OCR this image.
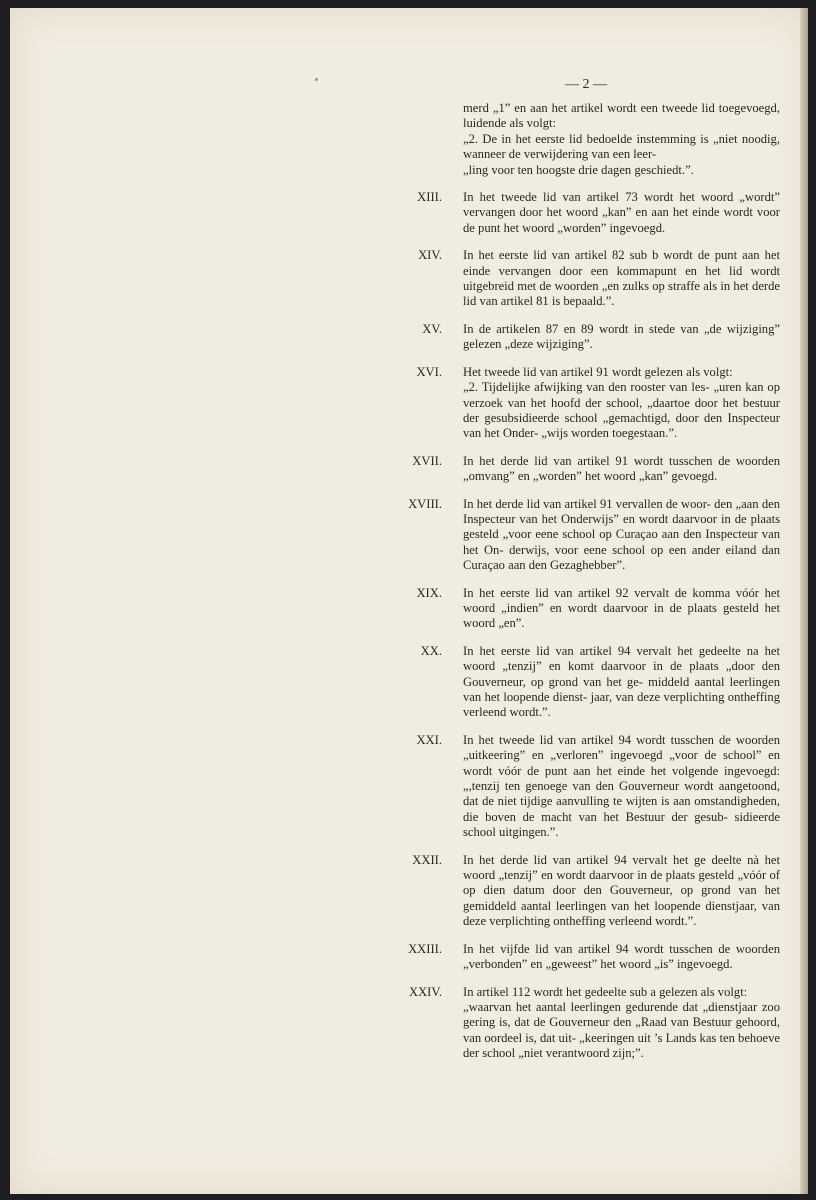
— 2 —

merd „1” en aan het artikel wordt een tweede lid toegevoegd, luidende als volgt:

„2. De in het eerste lid bedoelde instemming is „niet noodig, wanneer de verwijdering van een leer-

„ling voor ten hoogste drie dagen geschiedt.”.

XIII. In het tweede lid van artikel 73 wordt het woord „wordt” vervangen door het woord „kan” en aan het einde wordt voor de punt het woord „worden” ingevoegd.

XIV. In het eerste lid van artikel 82 sub b wordt de punt aan het einde vervangen door een kommapunt en het lid wordt uitgebreid met de woorden „en zulks op straffe als in het derde lid van artikel 81 is bepaald.”.

XV. In de artikelen 87 en 89 wordt in stede van „de wijziging” gelezen „deze wijziging”.

XVI. Het tweede lid van artikel 91 wordt gelezen als volgt:

„2. Tijdelijke afwijking van den rooster van les- „uren kan op verzoek van het hoofd der school, „daartoe door het bestuur der gesubsidieerde school „gemachtigd, door den Inspecteur van het Onder- „wijs worden toegestaan.”.

XVII. In het derde lid van artikel 91 wordt tusschen de woorden „omvang” en „worden” het woord „kan” gevoegd.

XVIII. In het derde lid van artikel 91 vervallen de woor- den „aan den Inspecteur van het Onderwijs” en wordt daarvoor in de plaats gesteld „voor eene school op Curaçao aan den Inspecteur van het On- derwijs, voor eene school op een ander eiland dan Curaçao aan den Gezaghebber”.

XIX. In het eerste lid van artikel 92 vervalt de komma vóór het woord „indien” en wordt daarvoor in de plaats gesteld het woord „en”.

XX. In het eerste lid van artikel 94 vervalt het gedeelte na het woord „tenzij” en komt daarvoor in de plaats „door den Gouverneur, op grond van het ge- middeld aantal leerlingen van het loopende dienst- jaar, van deze verplichting ontheffing verleend wordt.”.

XXI. In het tweede lid van artikel 94 wordt tusschen de woorden „uitkeering” en „verloren” ingevoegd „voor de school” en wordt vóór de punt aan het einde het volgende ingevoegd: „,tenzij ten genoege van den Gouverneur wordt aangetoond, dat de niet tijdige aanvulling te wijten is aan omstandigheden, die boven de macht van het Bestuur der gesub- sidieerde school uitgingen.”.

XXII. In het derde lid van artikel 94 vervalt het ge deelte nà het woord „tenzij” en wordt daarvoor in de plaats gesteld „vóór of op dien datum door den Gouverneur, op grond van het gemiddeld aantal leerlingen van het loopende dienstjaar, van deze verplichting ontheffing verleend wordt.”.

XXIII. In het vijfde lid van artikel 94 wordt tusschen de woorden „verbonden” en „geweest” het woord „is” ingevoegd.

XXIV. In artikel 112 wordt het gedeelte sub a gelezen als volgt:

„waarvan het aantal leerlingen gedurende dat „dienstjaar zoo gering is, dat de Gouverneur den „Raad van Bestuur gehoord, van oordeel is, dat uit- „keeringen uit ’s Lands kas ten behoeve der school „niet verantwoord zijn;”.
